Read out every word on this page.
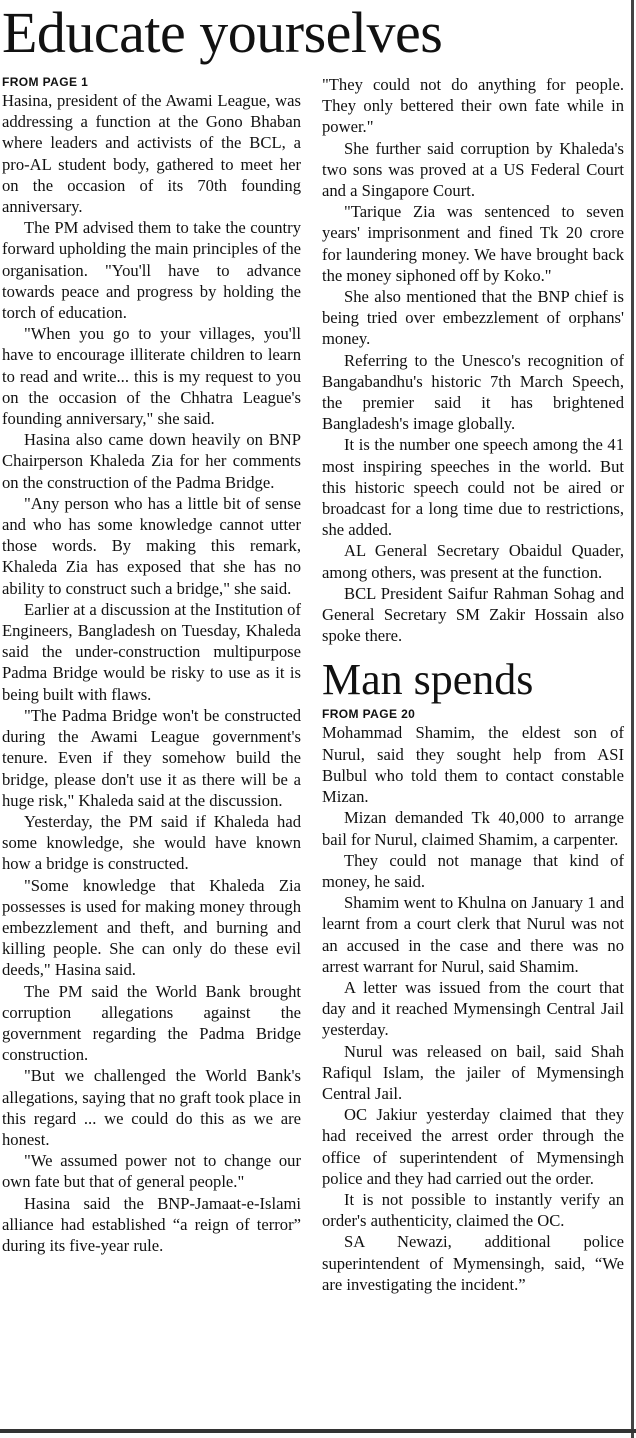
Educate yourselves

FROM PAGE 1

Hasina, president of the Awami League, was addressing a function at the Gono Bhaban where leaders and activists of the BCL, a pro-AL student body, gathered to meet her on the occasion of its 70th founding anniversary.

The PM advised them to take the country forward upholding the main principles of the organisation. "You'll have to advance towards peace and progress by holding the torch of education.

"When you go to your villages, you'll have to encourage illiterate children to learn to read and write... this is my request to you on the occasion of the Chhatra League's founding anniversary," she said.

Hasina also came down heavily on BNP Chairperson Khaleda Zia for her comments on the construction of the Padma Bridge.

"Any person who has a little bit of sense and who has some knowledge cannot utter those words. By making this remark, Khaleda Zia has exposed that she has no ability to construct such a bridge," she said.

Earlier at a discussion at the Institution of Engineers, Bangladesh on Tuesday, Khaleda said the under-construction multipurpose Padma Bridge would be risky to use as it is being built with flaws.

"The Padma Bridge won't be constructed during the Awami League government's tenure. Even if they somehow build the bridge, please don't use it as there will be a huge risk," Khaleda said at the discussion.

Yesterday, the PM said if Khaleda had some knowledge, she would have known how a bridge is constructed.

"Some knowledge that Khaleda Zia possesses is used for making money through embezzlement and theft, and burning and killing people. She can only do these evil deeds," Hasina said.

The PM said the World Bank brought corruption allegations against the government regarding the Padma Bridge construction.

"But we challenged the World Bank's allegations, saying that no graft took place in this regard ... we could do this as we are honest.

"We assumed power not to change our own fate but that of general people."

Hasina said the BNP-Jamaat-e-Islami alliance had established “a reign of terror” during its five-year rule.

"They could not do anything for people. They only bettered their own fate while in power."

She further said corruption by Khaleda's two sons was proved at a US Federal Court and a Singapore Court.

"Tarique Zia was sentenced to seven years' imprisonment and fined Tk 20 crore for laundering money. We have brought back the money siphoned off by Koko."

She also mentioned that the BNP chief is being tried over embezzlement of orphans' money.

Referring to the Unesco's recognition of Bangabandhu's historic 7th March Speech, the premier said it has brightened Bangladesh's image globally.

It is the number one speech among the 41 most inspiring speeches in the world. But this historic speech could not be aired or broadcast for a long time due to restrictions, she added.

AL General Secretary Obaidul Quader, among others, was present at the function.

BCL President Saifur Rahman Sohag and General Secretary SM Zakir Hossain also spoke there.

Man spends

FROM PAGE 20

Mohammad Shamim, the eldest son of Nurul, said they sought help from ASI Bulbul who told them to contact constable Mizan.

Mizan demanded Tk 40,000 to arrange bail for Nurul, claimed Shamim, a carpenter.

They could not manage that kind of money, he said.

Shamim went to Khulna on January 1 and learnt from a court clerk that Nurul was not an accused in the case and there was no arrest warrant for Nurul, said Shamim.

A letter was issued from the court that day and it reached Mymensingh Central Jail yesterday.

Nurul was released on bail, said Shah Rafiqul Islam, the jailer of Mymensingh Central Jail.

OC Jakiur yesterday claimed that they had received the arrest order through the office of superintendent of Mymensingh police and they had carried out the order.

It is not possible to instantly verify an order's authenticity, claimed the OC.

SA Newazi, additional police superintendent of Mymensingh, said, “We are investigating the incident.”
